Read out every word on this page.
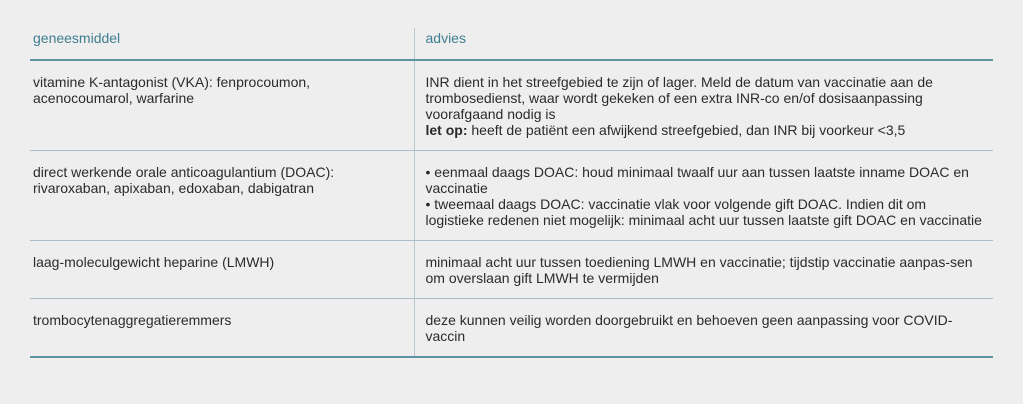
geneesmiddel	advies
vitamine K-antagonist (VKA): fenprocoumon, acenocoumarol, warfarine	INR dient in het streefgebied te zijn of lager. Meld de datum van vaccinatie aan de trombosedienst, waar wordt gekeken of een extra INR-co en/of dosisaanpassing voorafgaand nodig is
let op: heeft de patiënt een afwijkend streefgebied, dan INR bij voorkeur <3,5
direct werkende orale anticoagulantium (DOAC): rivaroxaban, apixaban, edoxaban, dabigatran	• eenmaal daags DOAC: houd minimaal twaalf uur aan tussen laatste inname DOAC en vaccinatie
• tweemaal daags DOAC: vaccinatie vlak voor volgende gift DOAC. Indien dit om logistieke redenen niet mogelijk: minimaal acht uur tussen laatste gift DOAC en vaccinatie

laag-moleculgewicht heparine (LMWH)	minimaal acht uur tussen toediening LMWH en vaccinatie; tijdstip vaccinatie aanpas-sen om overslaan gift LMWH te vermijden
trombocytenaggregatieremmers	deze kunnen veilig worden doorgebruikt en behoeven geen aanpassing voor COVID-vaccin
